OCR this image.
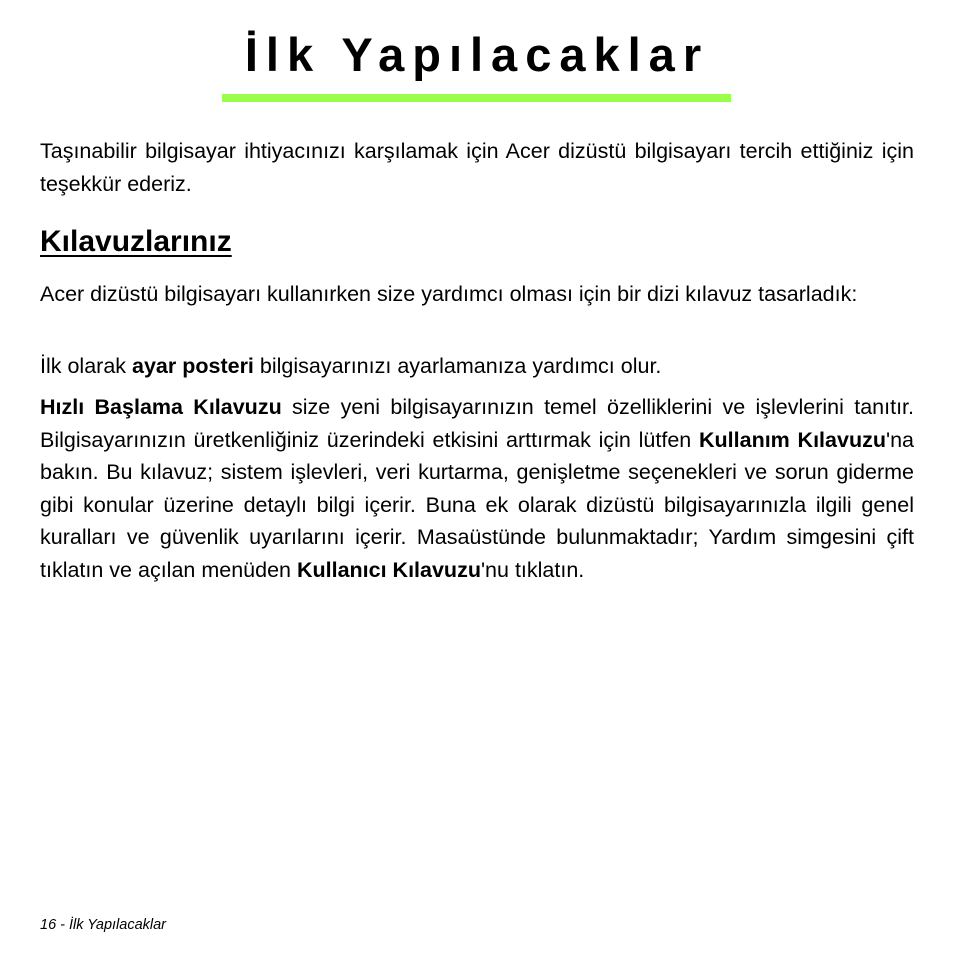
İlk Yapılacaklar

Taşınabilir bilgisayar ihtiyacınızı karşılamak için Acer dizüstü bilgisayarı tercih ettiğiniz için teşekkür ederiz.

Kılavuzlarınız

Acer dizüstü bilgisayarı kullanırken size yardımcı olması için bir dizi kılavuz tasarladık:

İlk olarak ayar posteri bilgisayarınızı ayarlamanıza yardımcı olur.

Hızlı Başlama Kılavuzu size yeni bilgisayarınızın temel özelliklerini ve işlevlerini tanıtır. Bilgisayarınızın üretkenliğiniz üzerindeki etkisini arttırmak için lütfen Kullanım Kılavuzu'na bakın. Bu kılavuz; sistem işlevleri, veri kurtarma, genişletme seçenekleri ve sorun giderme gibi konular üzerine detaylı bilgi içerir. Buna ek olarak dizüstü bilgisayarınızla ilgili genel kuralları ve güvenlik uyarılarını içerir. Masaüstünde bulunmaktadır; Yardım simgesini çift tıklatın ve açılan menüden Kullanıcı Kılavuzu'nu tıklatın.

16 - İlk Yapılacaklar
